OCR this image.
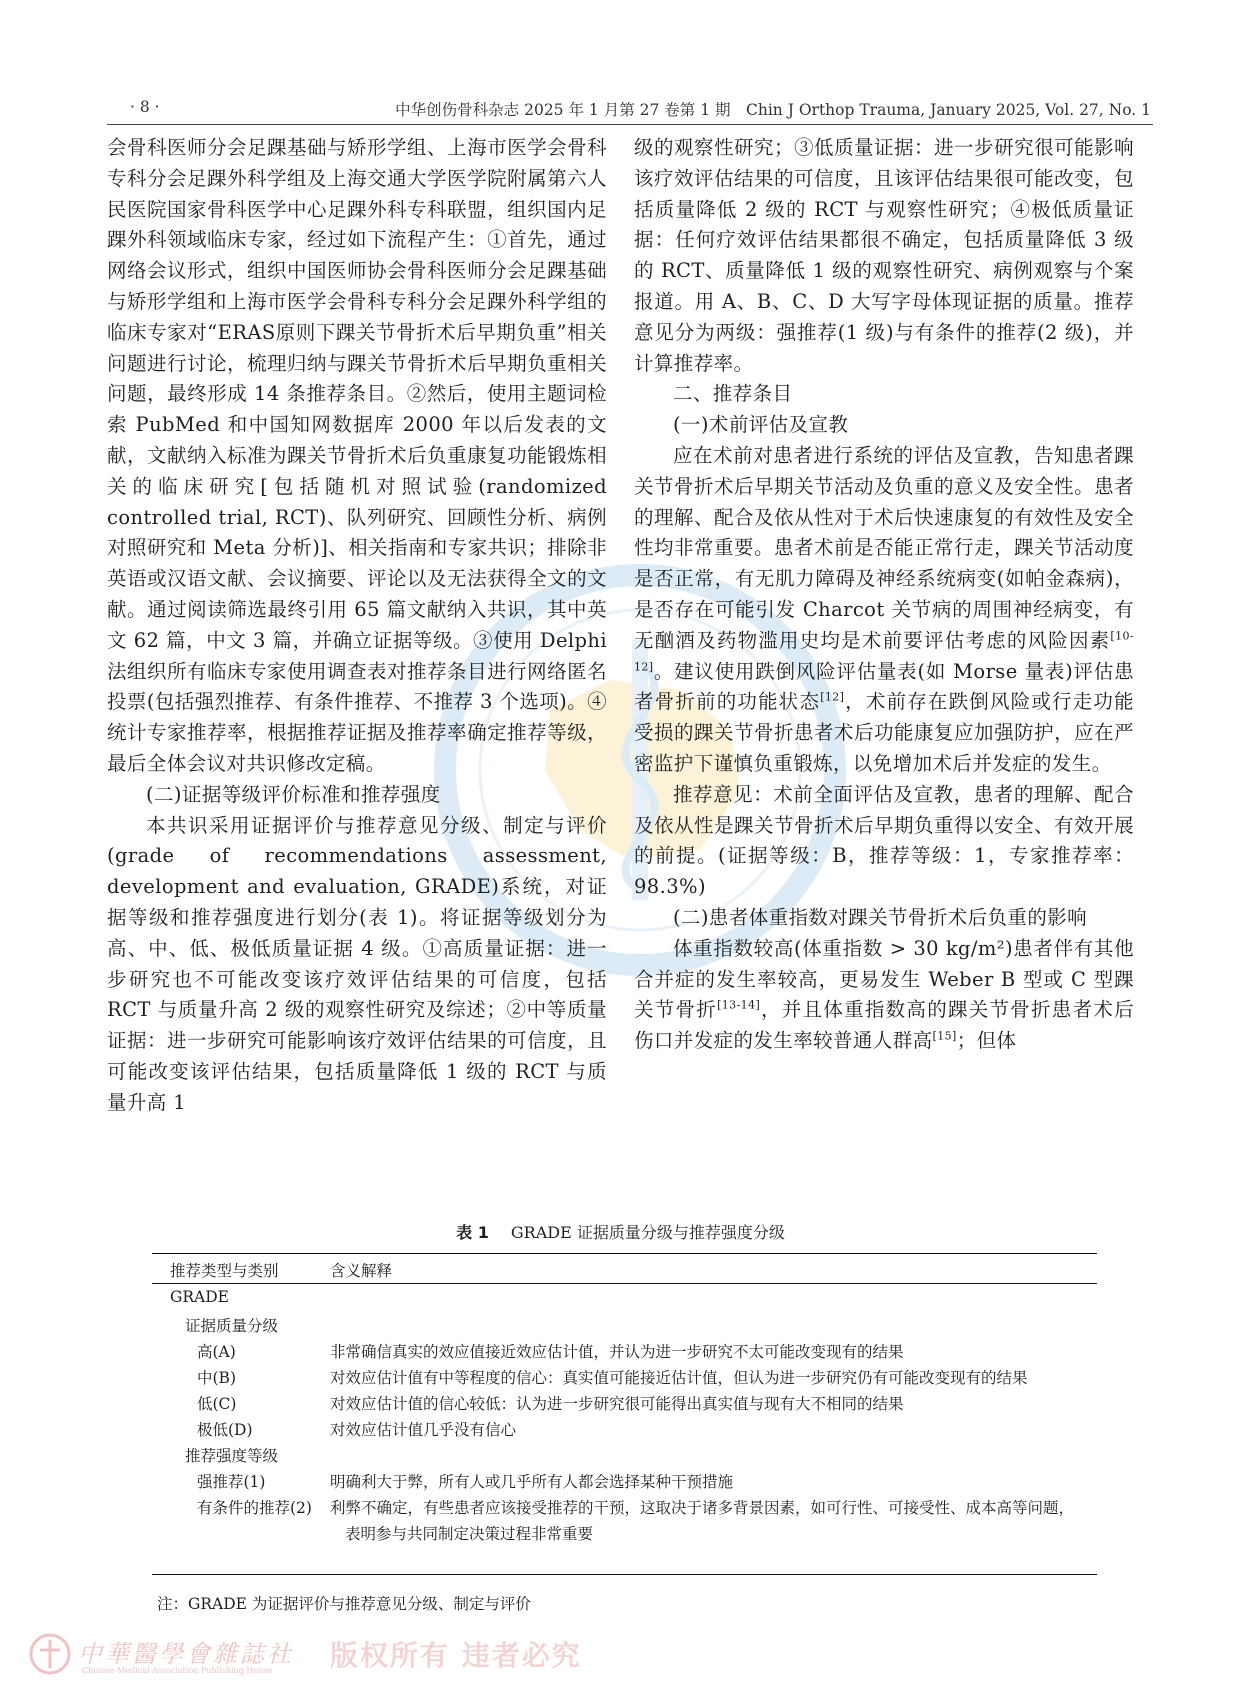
· 8 ·	中华创伤骨科杂志 2025 年 1 月第 27 卷第 1 期　Chin J Orthop Trauma, January 2025, Vol. 27, No. 1

会骨科医师分会足踝基础与矫形学组、上海市医学会骨科专科分会足踝外科学组及上海交通大学医学院附属第六人民医院国家骨科医学中心足踝外科专科联盟，组织国内足踝外科领域临床专家，经过如下流程产生：①首先，通过网络会议形式，组织中国医师协会骨科医师分会足踝基础与矫形学组和上海市医学会骨科专科分会足踝外科学组的临床专家对“ERAS原则下踝关节骨折术后早期负重”相关问题进行讨论，梳理归纳与踝关节骨折术后早期负重相关问题，最终形成 14 条推荐条目。②然后，使用主题词检索 PubMed 和中国知网数据库 2000 年以后发表的文献，文献纳入标准为踝关节骨折术后负重康复功能锻炼相关的临床研究[包括随机对照试验(randomized controlled trial, RCT)、队列研究、回顾性分析、病例对照研究和 Meta 分析)]、相关指南和专家共识；排除非英语或汉语文献、会议摘要、评论以及无法获得全文的文献。通过阅读筛选最终引用 65 篇文献纳入共识，其中英文 62 篇，中文 3 篇，并确立证据等级。③使用 Delphi 法组织所有临床专家使用调查表对推荐条目进行网络匿名投票(包括强烈推荐、有条件推荐、不推荐 3 个选项)。④统计专家推荐率，根据推荐证据及推荐率确定推荐等级，最后全体会议对共识修改定稿。

(二)证据等级评价标准和推荐强度

本共识采用证据评价与推荐意见分级、制定与评价(grade of recommendations assessment, development and evaluation, GRADE)系统，对证据等级和推荐强度进行划分(表 1)。将证据等级划分为高、中、低、极低质量证据 4 级。①高质量证据：进一步研究也不可能改变该疗效评估结果的可信度，包括 RCT 与质量升高 2 级的观察性研究及综述；②中等质量证据：进一步研究可能影响该疗效评估结果的可信度，且可能改变该评估结果，包括质量降低 1 级的 RCT 与质量升高 1

级的观察性研究；③低质量证据：进一步研究很可能影响该疗效评估结果的可信度，且该评估结果很可能改变，包括质量降低 2 级的 RCT 与观察性研究；④极低质量证据：任何疗效评估结果都很不确定，包括质量降低 3 级的 RCT、质量降低 1 级的观察性研究、病例观察与个案报道。用 A、B、C、D 大写字母体现证据的质量。推荐意见分为两级：强推荐(1 级)与有条件的推荐(2 级)，并计算推荐率。

二、推荐条目

(一)术前评估及宣教

应在术前对患者进行系统的评估及宣教，告知患者踝关节骨折术后早期关节活动及负重的意义及安全性。患者的理解、配合及依从性对于术后快速康复的有效性及安全性均非常重要。患者术前是否能正常行走，踝关节活动度是否正常，有无肌力障碍及神经系统病变(如帕金森病)，是否存在可能引发 Charcot 关节病的周围神经病变，有无酗酒及药物滥用史均是术前要评估考虑的风险因素[10-12]。建议使用跌倒风险评估量表(如 Morse 量表)评估患者骨折前的功能状态[12]，术前存在跌倒风险或行走功能受损的踝关节骨折患者术后功能康复应加强防护，应在严密监护下谨慎负重锻炼，以免增加术后并发症的发生。

推荐意见：术前全面评估及宣教，患者的理解、配合及依从性是踝关节骨折术后早期负重得以安全、有效开展的前提。(证据等级：B，推荐等级：1，专家推荐率：98.3%)

(二)患者体重指数对踝关节骨折术后负重的影响

体重指数较高(体重指数 > 30 kg/m²)患者伴有其他合并症的发生率较高，更易发生 Weber B 型或 C 型踝关节骨折[13-14]，并且体重指数高的踝关节骨折患者术后伤口并发症的发生率较普通人群高[15]；但体

表 1 GRADE 证据质量分级与推荐强度分级
推荐类型与类别	含义解释
GRADE
证据质量分级
高(A)	非常确信真实的效应值接近效应估计值，并认为进一步研究不太可能改变现有的结果
中(B)	对效应估计值有中等程度的信心：真实值可能接近估计值，但认为进一步研究仍有可能改变现有的结果
低(C)	对效应估计值的信心较低：认为进一步研究很可能得出真实值与现有大不相同的结果
极低(D)	对效应估计值几乎没有信心
推荐强度等级
强推荐(1)	明确利大于弊，所有人或几乎所有人都会选择某种干预措施
有条件的推荐(2) 利弊不确定，有些患者应该接受推荐的干预，这取决于诸多背景因素，如可行性、可接受性、成本高等问题，
表明参与共同制定决策过程非常重要
注：GRADE 为证据评价与推荐意见分级、制定与评价
中華醫學會雜誌社
Chinese Medical Association Publishing House 版权所有 违者必究
